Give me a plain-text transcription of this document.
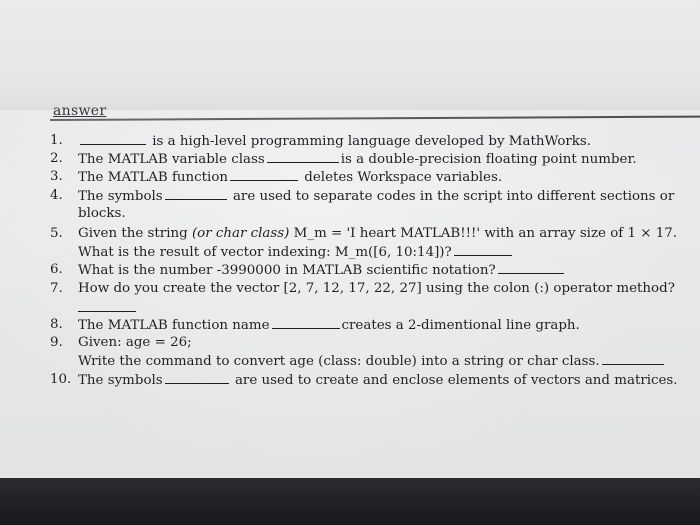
answer
1.	is a high-level programming language developed by MathWorks.
2.	The MATLAB variable class	is a double-precision floating point number.
3.	The MATLAB function	deletes Workspace variables.
4.	The symbols	are used to separate codes in the script into different sections or
blocks.
5.	Given the string (or char class) M_m = 'I heart MATLAB!!!' with an array size of 1 × 17.
What is the result of vector indexing: M_m([6, 10:14])?
6.	What is the number -3990000 in MATLAB scientific notation?
7.	How do you create the vector [2, 7, 12, 17, 22, 27] using the colon (:) operator method?
8.	The MATLAB function name	creates a 2-dimentional line graph.
9.	Given: age = 26;
Write the command to convert age (class: double) into a string or char class.
10. The symbols	are used to create and enclose elements of vectors and matrices.
